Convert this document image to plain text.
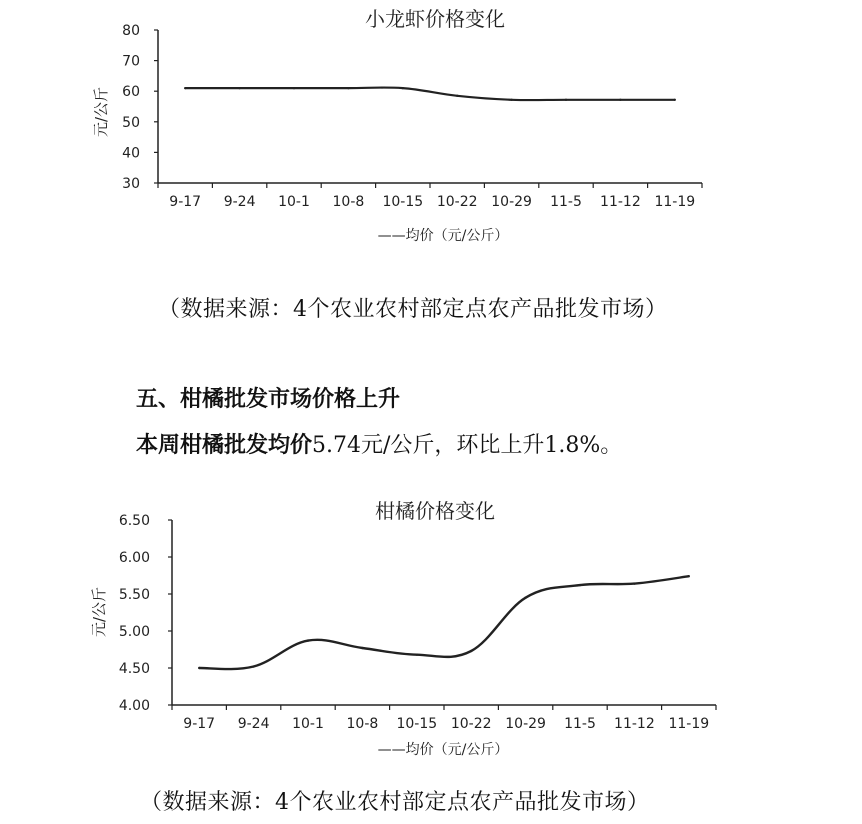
小龙虾价格变化
元/公斤
30
40
50
60
70
80
9-17 9-24 10-1 10-8 10-15 10-22 10-29 11-5 11-12 11-19
——均价（元/公斤）
（数据来源：4个农业农村部定点农产品批发市场）
五、柑橘批发市场价格上升
本周柑橘批发均价5.74元/公斤，环比上升1.8%。
柑橘价格变化
元/公斤
4.00
4.50
5.00
5.50
6.00
6.50
9-17 9-24 10-1 10-8 10-15 10-22 10-29 11-5 11-12 11-19
——均价（元/公斤）
（数据来源：4个农业农村部定点农产品批发市场）
